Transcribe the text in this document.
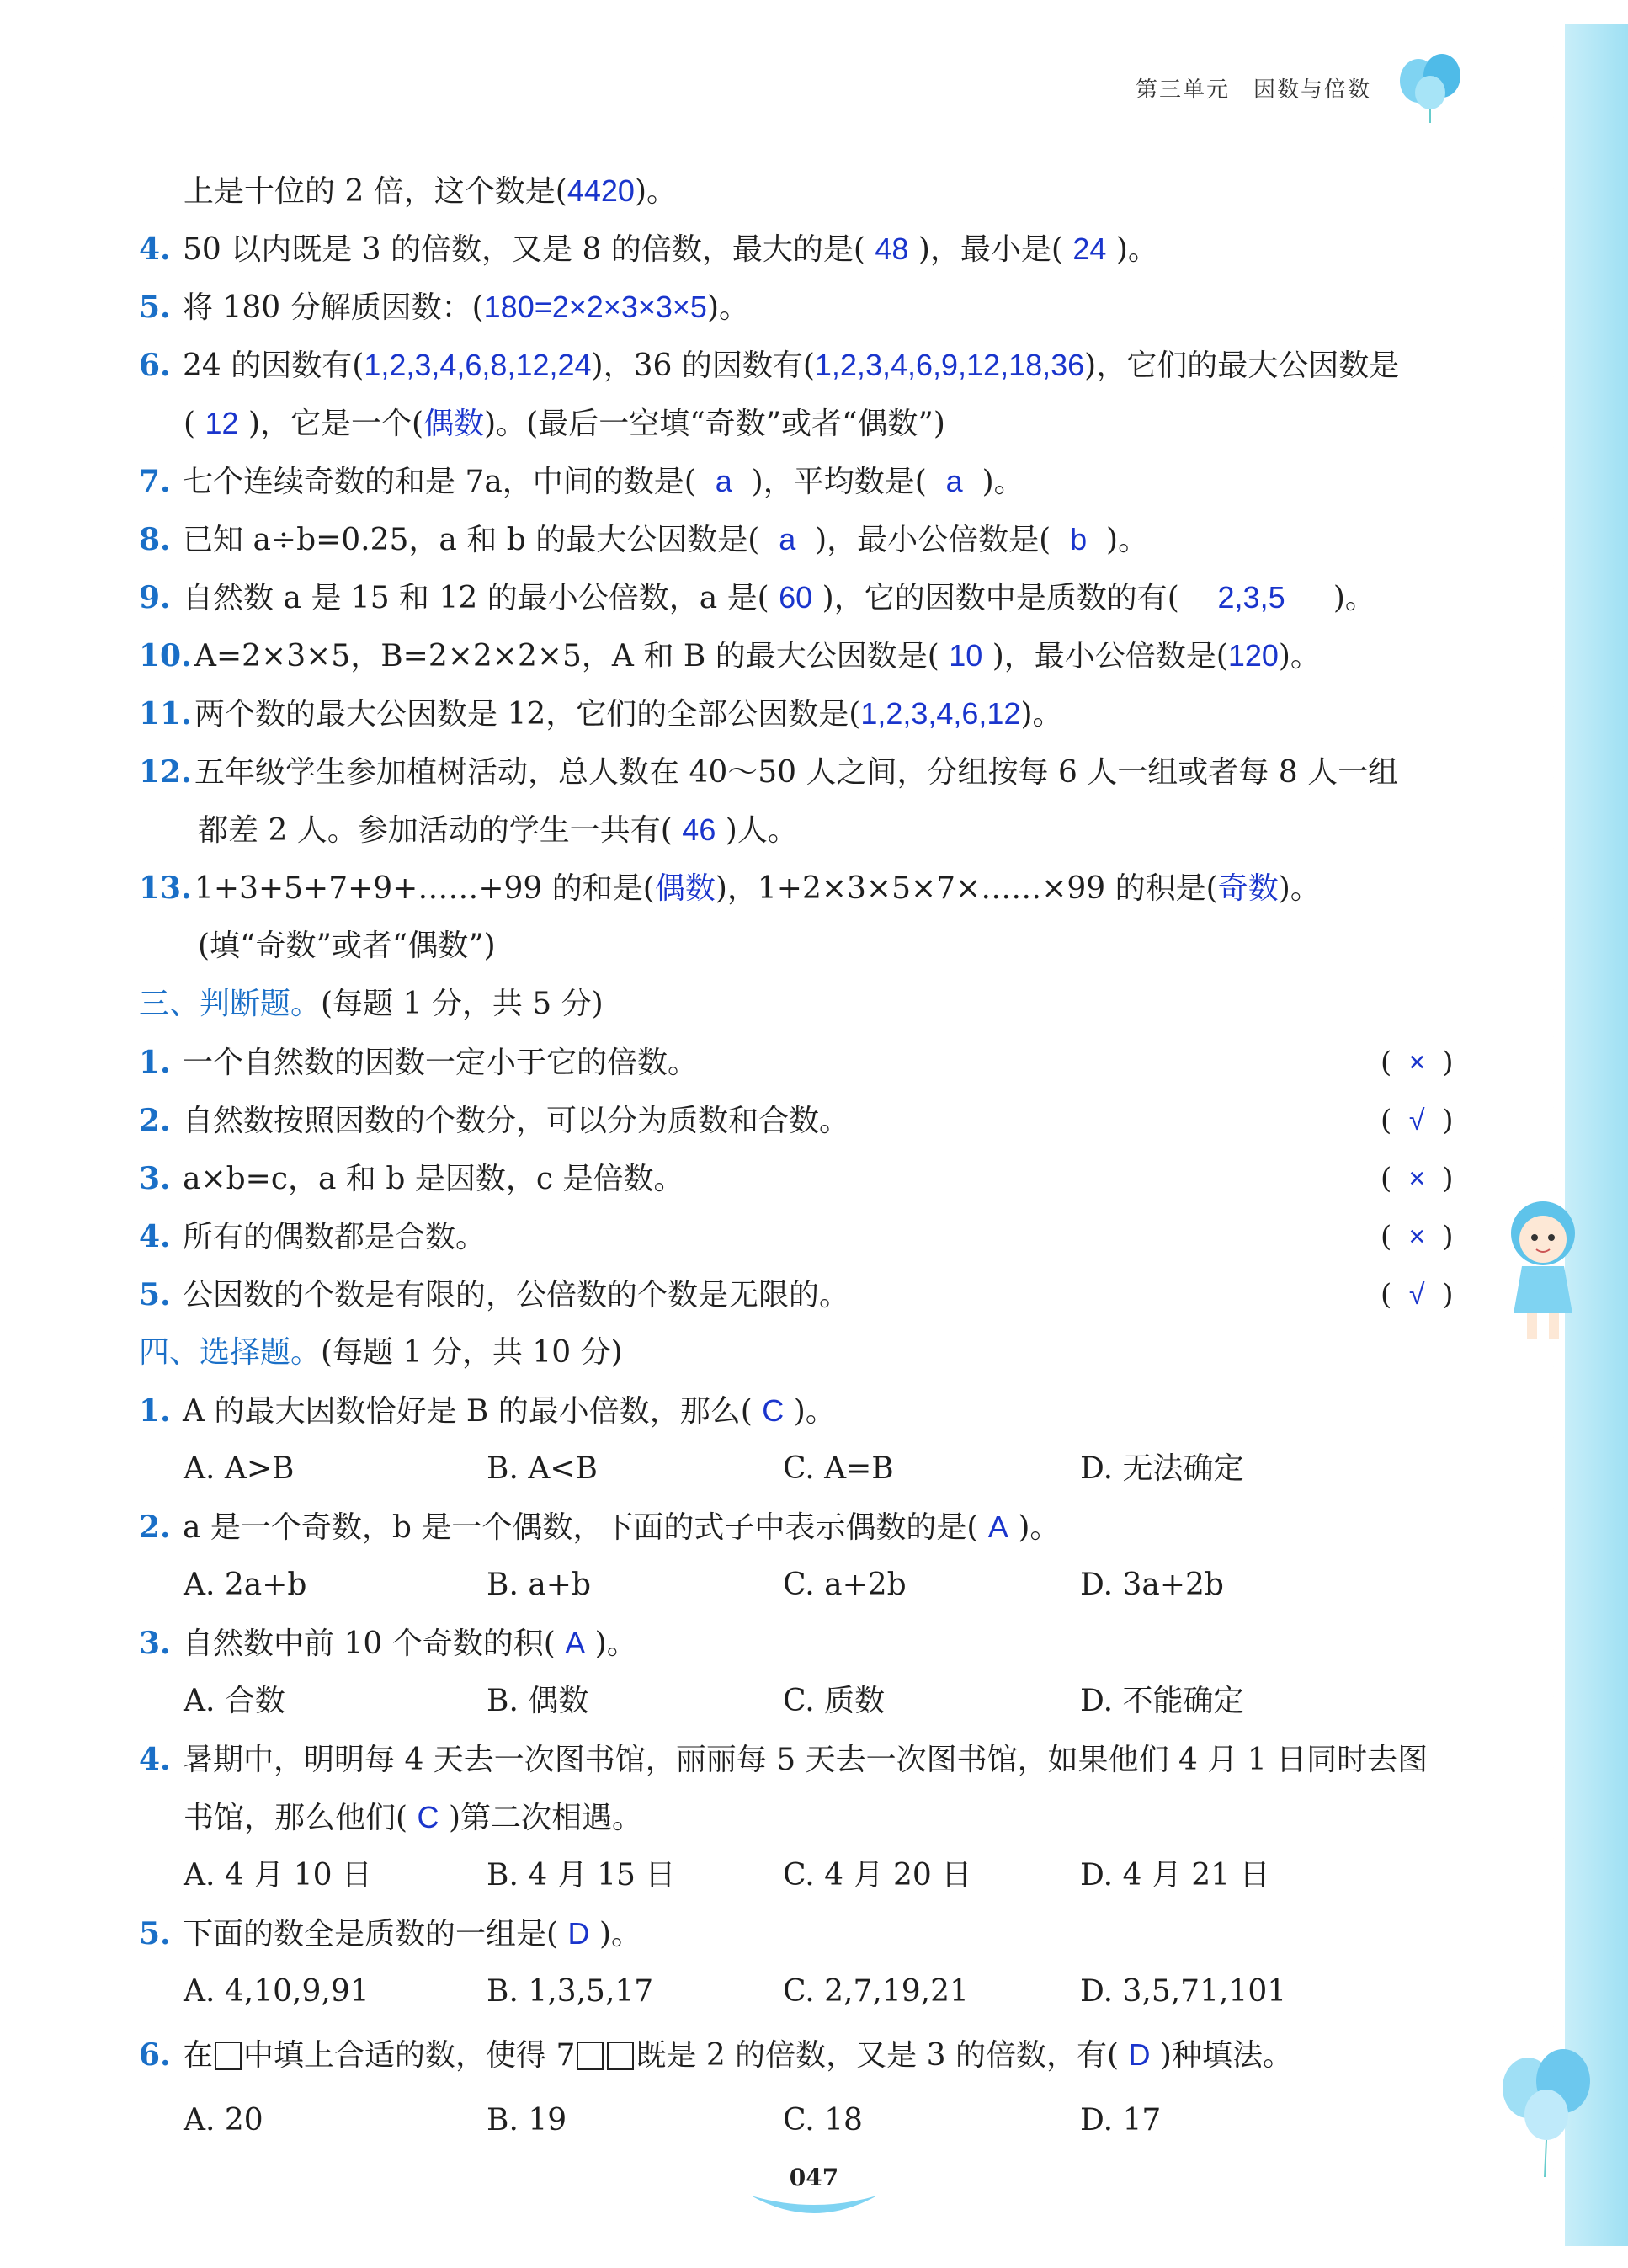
第三单元 因数与倍数
上是十位的 2 倍，这个数是(4420)。
4. 50 以内既是 3 的倍数，又是 8 的倍数，最大的是( 48 )，最小是( 24 )。
5. 将 180 分解质因数：(180=2×2×3×3×5)。
6. 24 的因数有(1,2,3,4,6,8,12,24)，36 的因数有(1,2,3,4,6,9,12,18,36)，它们的最大公因数是
( 12 )，它是一个(偶数)。(最后一空填“奇数”或者“偶数”)
7. 七个连续奇数的和是 7a，中间的数是( a )，平均数是( a )。
8. 已知 a÷b=0.25，a 和 b 的最大公因数是( a )，最小公倍数是( b )。
9. 自然数 a 是 15 和 12 的最小公倍数，a 是( 60 )，它的因数中是质数的有( 2,3,5 )。
10.A=2×3×5，B=2×2×2×5，A 和 B 的最大公因数是( 10 )，最小公倍数是(120)。
11.两个数的最大公因数是 12，它们的全部公因数是(1,2,3,4,6,12)。
12.五年级学生参加植树活动，总人数在 40～50 人之间，分组按每 6 人一组或者每 8 人一组
都差 2 人。参加活动的学生一共有( 46 )人。
13.1+3+5+7+9+……+99 的和是(偶数)，1+2×3×5×7×……×99 的积是(奇数)。
(填“奇数”或者“偶数”)
三、判断题。(每题 1 分，共 5 分)
1. 一个自然数的因数一定小于它的倍数。	( × )
2. 自然数按照因数的个数分，可以分为质数和合数。	( √ )
3. a×b=c，a 和 b 是因数，c 是倍数。	( × )
4. 所有的偶数都是合数。	( × )
5. 公因数的个数是有限的，公倍数的个数是无限的。	( √ )
四、选择题。(每题 1 分，共 10 分)
1. A 的最大因数恰好是 B 的最小倍数，那么( C )。
A. A>B	B. A<B	C. A=B	D. 无法确定
2. a 是一个奇数，b 是一个偶数，下面的式子中表示偶数的是( A )。
A. 2a+b	B. a+b	C. a+2b	D. 3a+2b
3. 自然数中前 10 个奇数的积( A )。
A. 合数	B. 偶数	C. 质数	D. 不能确定
4. 暑期中，明明每 4 天去一次图书馆，丽丽每 5 天去一次图书馆，如果他们 4 月 1 日同时去图
书馆，那么他们( C )第二次相遇。
A. 4 月 10 日	B. 4 月 15 日	C. 4 月 20 日	D. 4 月 21 日
5. 下面的数全是质数的一组是( D )。
A. 4,10,9,91	B. 1,3,5,17	C. 2,7,19,21	D. 3,5,71,101
6. 在 中填上合适的数，使得 7 既是 2 的倍数，又是 3 的倍数，有( D )种填法。
A. 20	B. 19	C. 18	D. 17
047
